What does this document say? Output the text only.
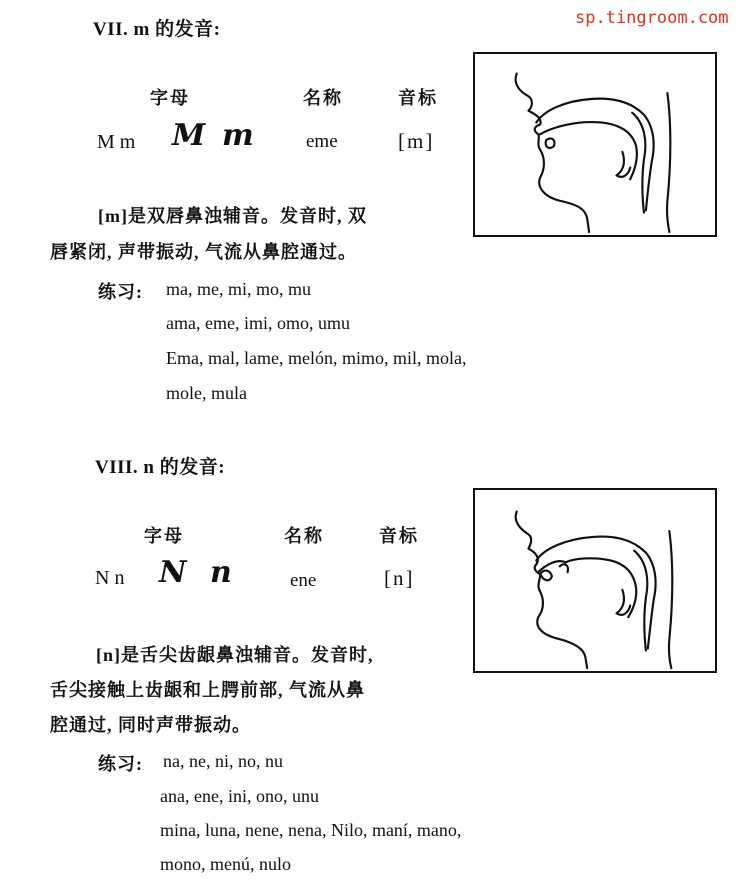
sp.tingroom.com
VII. m 的发音:
字母	名称	音标
M m M m	eme	[m]
[m]是双唇鼻浊辅音。发音时, 双
唇紧闭, 声带振动, 气流从鼻腔通过。
练习: ma, me, mi, mo, mu
ama, eme, imi, omo, umu
Ema, mal, lame, melón, mimo, mil, mola,
mole, mula
VIII. n 的发音:
字母	名称	音标
N n N n	ene	[n]
[n]是舌尖齿龈鼻浊辅音。发音时,
舌尖接触上齿龈和上腭前部, 气流从鼻
腔通过, 同时声带振动。
练习: na, ne, ni, no, nu
ana, ene, ini, ono, unu
mina, luna, nene, nena, Nilo, maní, mano,
mono, menú, nulo
